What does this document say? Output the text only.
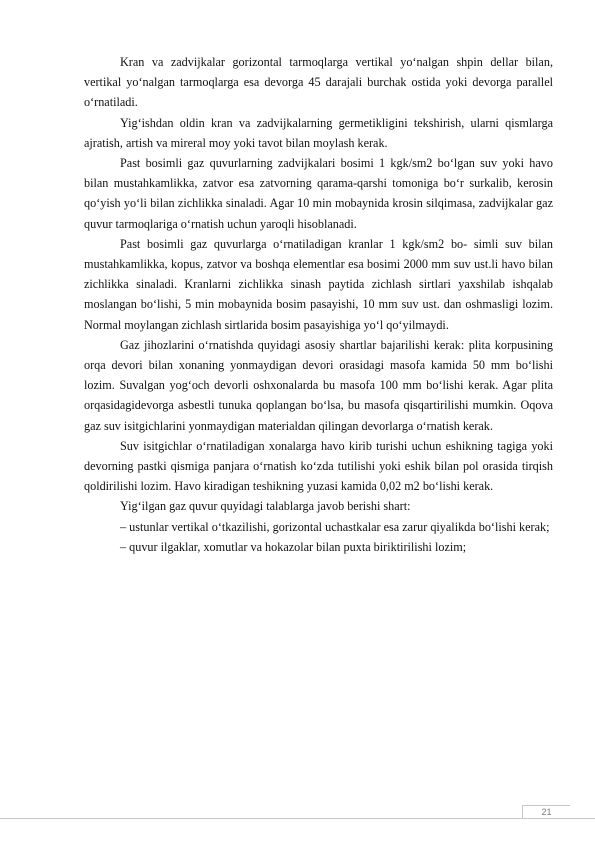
Kran va zadvijkalar gorizontal tarmoqlarga vertikal yo‘nalgan shpin dellar bilan, vertikal yo‘nalgan tarmoqlarga esa devorga 45 darajali burchak ostida yoki devorga parallel o‘rnatiladi.

Yig‘ishdan oldin kran va zadvijkalarning germetikligini tekshirish, ularni qismlarga ajratish, artish va mireral moy yoki tavot bilan moylash kerak.

Past bosimli gaz quvurlarning zadvijkalari bosimi 1 kgk/sm2 bo‘lgan suv yoki havo bilan mustahkamlikka, zatvor esa zatvorning qarama-qarshi tomoniga bo‘r surkalib, kerosin qo‘yish yo‘li bilan zichlikka sinaladi. Agar 10 min mobaynida krosin silqimasa, zadvijkalar gaz quvur tarmoqlariga o‘rnatish uchun yaroqli hisoblanadi.

Past bosimli gaz quvurlarga o‘rnatiladigan kranlar 1 kgk/sm2 bo- simli suv bilan mustahkamlikka, kopus, zatvor va boshqa elementlar esa bosimi 2000 mm suv ust.li havo bilan zichlikka sinaladi. Kranlarni zichlikka sinash paytida zichlash sirtlari yaxshilab ishqalab moslangan bo‘lishi, 5 min mobaynida bosim pasayishi, 10 mm suv ust. dan oshmasligi lozim. Normal moylangan zichlash sirtlarida bosim pasayishiga yo‘l qo‘yilmaydi.

Gaz jihozlarini o‘rnatishda quyidagi asosiy shartlar bajarilishi kerak: plita korpusining orqa devori bilan xonaning yonmaydigan devori orasidagi masofa kamida 50 mm bo‘lishi lozim. Suvalgan yog‘och devorli oshxonalarda bu masofa 100 mm bo‘lishi kerak. Agar plita orqasidagidevorga asbestli tunuka qoplangan bo‘lsa, bu masofa qisqartirilishi mumkin. Oqova gaz suv isitgichlarini yonmaydigan materialdan qilingan devorlarga o‘rnatish kerak.

Suv isitgichlar o‘rnatiladigan xonalarga havo kirib turishi uchun eshikning tagiga yoki devorning pastki qismiga panjara o‘rnatish ko‘zda tutilishi yoki eshik bilan pol orasida tirqish qoldirilishi lozim. Havo kiradigan teshikning yuzasi kamida 0,02 m2 bo‘lishi kerak.

Yig‘ilgan gaz quvur quyidagi talablarga javob berishi shart:

– ustunlar vertikal o‘tkazilishi, gorizontal uchastkalar esa zarur qiyalikda bo‘lishi kerak;

– quvur ilgaklar, xomutlar va hokazolar bilan puxta biriktirilishi lozim;

21
